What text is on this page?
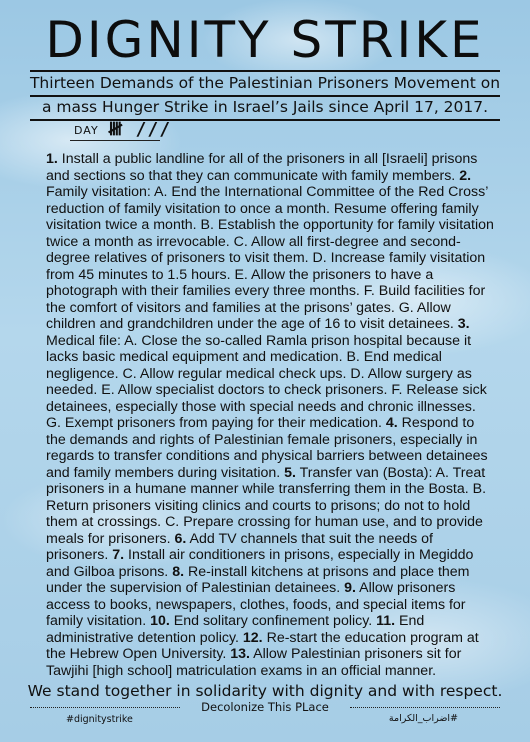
DIGNITY STRIKE
Thirteen Demands of the Palestinian Prisoners Movement on
a mass Hunger Strike in Israel’s Jails since April 17, 2017.
DAY 𝍸 ///
1. Install a public landline for all of the prisoners in all [Israeli] prisons and sections so that they can communicate with family members. 2. Family visitation: A. End the International Committee of the Red Cross’ reduction of family visitation to once a month. Resume offering family visitation twice a month. B. Establish the opportunity for family visitation twice a month as irrevocable. C. Allow all first-degree and second-degree relatives of prisoners to visit them. D. Increase family visitation from 45 minutes to 1.5 hours. E. Allow the prisoners to have a photograph with their families every three months. F. Build facilities for the comfort of visitors and families at the prisons’ gates. G. Allow children and grandchildren under the age of 16 to visit detainees. 3. Medical file: A. Close the so-called Ramla prison hospital because it lacks basic medical equipment and medication. B. End medical negligence. C. Allow regular medical check ups. D. Allow surgery as needed. E. Allow specialist doctors to check prisoners. F. Release sick detainees, especially those with special needs and chronic illnesses. G. Exempt prisoners from paying for their medication. 4. Respond to the demands and rights of Palestinian female prisoners, especially in regards to transfer conditions and physical barriers between detainees and family members during visitation. 5. Transfer van (Bosta): A. Treat prisoners in a humane manner while transferring them in the Bosta. B. Return prisoners visiting clinics and courts to prisons; do not to hold them at crossings. C. Prepare crossing for human use, and to provide meals for prisoners. 6. Add TV channels that suit the needs of prisoners. 7. Install air conditioners in prisons, especially in Megiddo and Gilboa prisons. 8. Re-install kitchens at prisons and place them under the supervision of Palestinian detainees. 9. Allow prisoners access to books, newspapers, clothes, foods, and special items for family visitation. 10. End solitary confinement policy. 11. End administrative detention policy. 12. Re-start the education program at the Hebrew Open University. 13. Allow Palestinian prisoners sit for Tawjihi [high school] matriculation exams in an official manner.
We stand together in solidarity with dignity and with respect.
Decolonize This PLace
#dignitystrike	#اضراب_الكرامة
